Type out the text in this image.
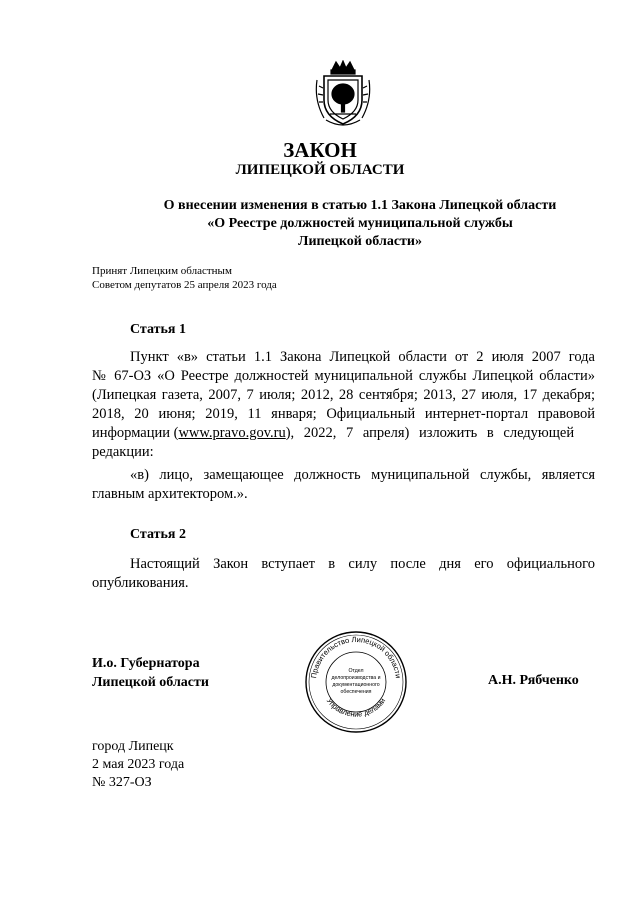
ЗАКОН
ЛИПЕЦКОЙ ОБЛАСТИ
О внесении изменения в статью 1.1 Закона Липецкой области
«О Реестре должностей муниципальной службы
Липецкой области»
Принят Липецким областным
Советом депутатов 25 апреля 2023 года
Статья 1
Пункт «в» статьи 1.1 Закона Липецкой области от 2 июля 2007 года
№ 67-ОЗ «О Реестре должностей муниципальной службы Липецкой области»
(Липецкая газета, 2007, 7 июля; 2012, 28 сентября; 2013, 27 июля, 17 декабря;
2018, 20 июня; 2019, 11 января; Официальный интернет-портал правовой
информации (www.pravo.gov.ru), 2022, 7 апреля) изложить в следующей
редакции:
«в) лицо, замещающее должность муниципальной службы, является
главным архитектором.».
Статья 2
Настоящий Закон вступает в силу после дня его официального
опубликования.
И.о. Губернатора
Липецкой области	А.Н. Рябченко
Правительство Липецкой области
Управление делами
Отдел
делопроизводства и
документационного
обеспечения
город Липецк
2 мая 2023 года
№ 327-ОЗ
